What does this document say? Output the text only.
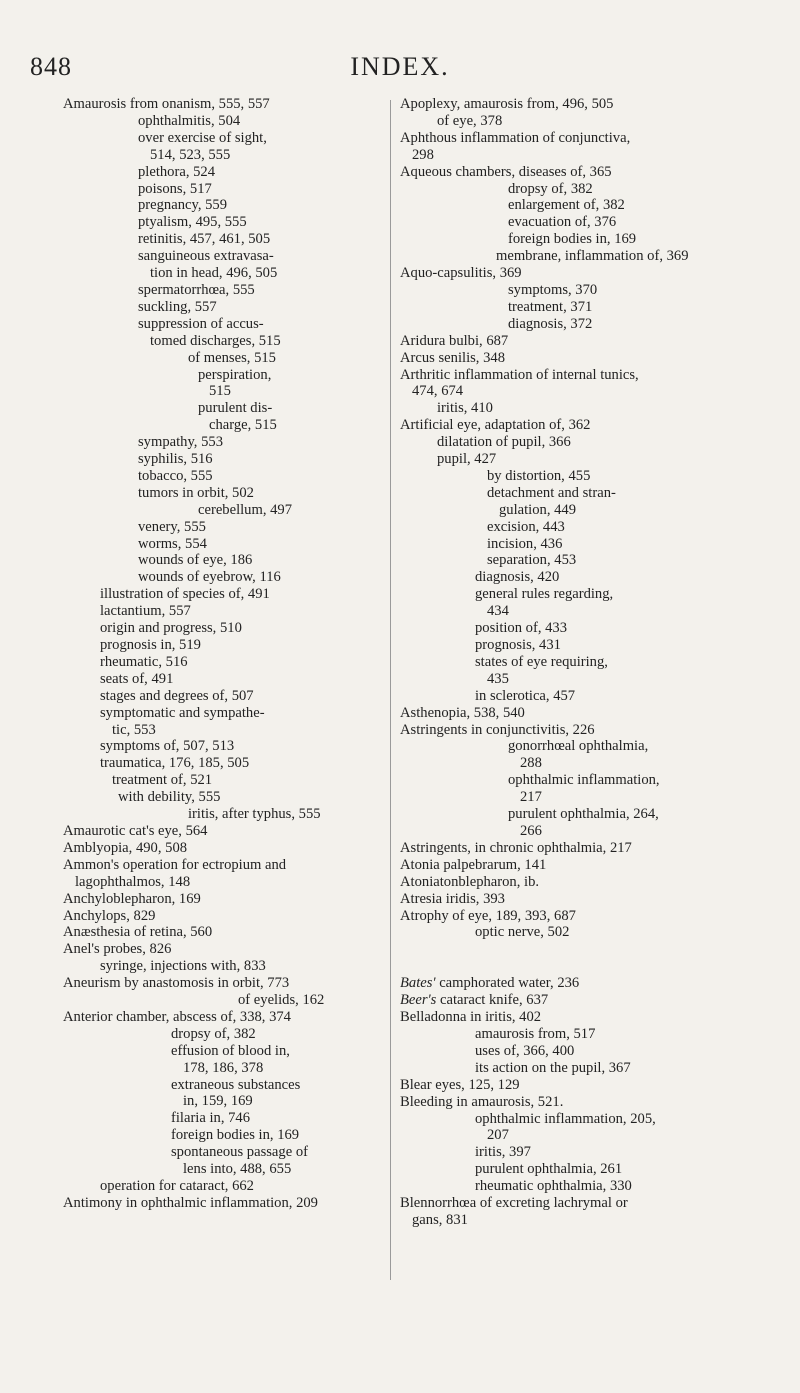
INDEX.
848
Amaurosis from onanism, 555, 557
ophthalmitis, 504
over exercise of sight,
514, 523, 555
plethora, 524
poisons, 517
pregnancy, 559
ptyalism, 495, 555
retinitis, 457, 461, 505
sanguineous extravasa-
tion in head, 496, 505
spermatorrhœa, 555
suckling, 557
suppression of accus-
tomed discharges, 515
of menses, 515
perspiration,
515
purulent dis-
charge, 515
sympathy, 553
syphilis, 516
tobacco, 555
tumors in orbit, 502
cerebellum, 497
venery, 555
worms, 554
wounds of eye, 186
wounds of eyebrow, 116
illustration of species of, 491
lactantium, 557
origin and progress, 510
prognosis in, 519
rheumatic, 516
seats of, 491
stages and degrees of, 507
symptomatic and sympathe-
tic, 553
symptoms of, 507, 513
traumatica, 176, 185, 505
treatment of, 521
with debility, 555
iritis, after typhus, 555
Amaurotic cat's eye, 564
Amblyopia, 490, 508
Ammon's operation for ectropium and
lagophthalmos, 148
Anchyloblepharon, 169
Anchylops, 829
Anæsthesia of retina, 560
Anel's probes, 826
syringe, injections with, 833
Aneurism by anastomosis in orbit, 773
of eyelids, 162
Anterior chamber, abscess of, 338, 374
dropsy of, 382
effusion of blood in,
178, 186, 378
extraneous substances
in, 159, 169
filaria in, 746
foreign bodies in, 169
spontaneous passage of
lens into, 488, 655
operation for cataract, 662
Antimony in ophthalmic inflammation, 209
Apoplexy, amaurosis from, 496, 505
of eye, 378
Aphthous inflammation of conjunctiva,
298
Aqueous chambers, diseases of, 365
dropsy of, 382
enlargement of, 382
evacuation of, 376
foreign bodies in, 169
membrane, inflammation of, 369
Aquo-capsulitis, 369
symptoms, 370
treatment, 371
diagnosis, 372
Aridura bulbi, 687
Arcus senilis, 348
Arthritic inflammation of internal tunics,
474, 674
iritis, 410
Artificial eye, adaptation of, 362
dilatation of pupil, 366
pupil, 427
by distortion, 455
detachment and stran-
gulation, 449
excision, 443
incision, 436
separation, 453
diagnosis, 420
general rules regarding,
434
position of, 433
prognosis, 431
states of eye requiring,
435
in sclerotica, 457
Asthenopia, 538, 540
Astringents in conjunctivitis, 226
gonorrhœal ophthalmia,
288
ophthalmic inflammation,
217
purulent ophthalmia, 264,
266
Astringents, in chronic ophthalmia, 217
Atonia palpebrarum, 141
Atoniatonblepharon, ib.
Atresia iridis, 393
Atrophy of eye, 189, 393, 687
optic nerve, 502
Bates' camphorated water, 236
Beer's cataract knife, 637
Belladonna in iritis, 402
amaurosis from, 517
uses of, 366, 400
its action on the pupil, 367
Blear eyes, 125, 129
Bleeding in amaurosis, 521.
ophthalmic inflammation, 205,
207
iritis, 397
purulent ophthalmia, 261
rheumatic ophthalmia, 330
Blennorrhœa of excreting lachrymal or
gans, 831
